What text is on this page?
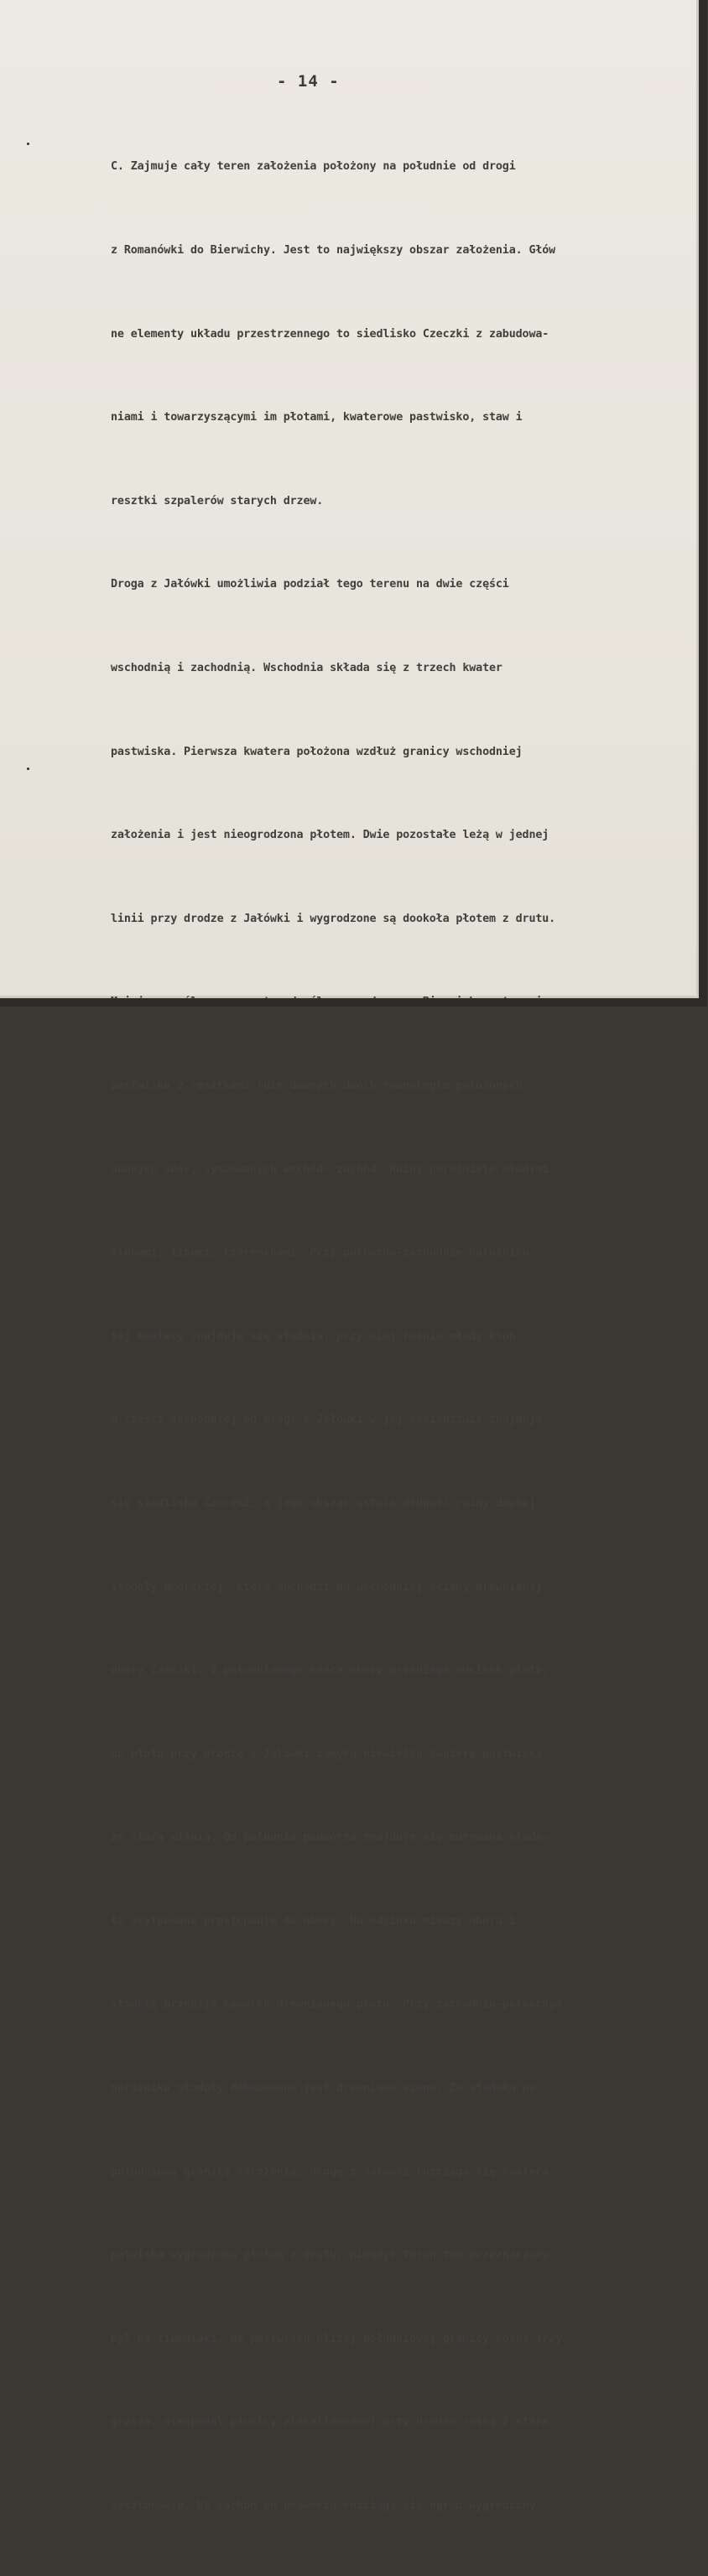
- 14 -

C. Zajmuje cały teren założenia położony na południe od drogi

z Romanówki do Bierwichy. Jest to największy obszar założenia. Głów

ne elementy układu przestrzennego to siedlisko Czeczki z zabudowa-

niami i towarzyszącymi im płotami, kwaterowe pastwisko, staw i

resztki szpalerów starych drzew.

Droga z Jałówki umożliwia podział tego terenu na dwie części

wschodnią i zachodnią. Wschodnia składa się z trzech kwater

pastwiska. Pierwsza kwatera położona wzdłuż granicy wschodniej

założenia i jest nieogrodzona płotem. Dwie pozostałe leżą w jednej

linii przy drodze z Jałówki i wygrodzone są dookoła płotem z drutu.

pastwisko z resztkami ruin dawnych dwóch równolegle położonych

dawnych obór, sytuowanych wschód- zachód. Ruiny porośnięte młodymi

klonami, lipami, czeremchami. Przy północno-zachodnim narożniku

tej kwatery znajduje się studnia, przy niej rośnie młody klon.

W części zachodniej od drogi z Jałówki w jej sąsiedztwie znajduje

się siedlisko Czeczki, a jego obszar ustala długość ruiny dawnej

stodoły dworskiej, która dochodzi do wschodniej ściany drewnianej

obory Czeczki. Z południowego końca obory przebiega odcinek płotu,

do płotu przy drodze z Jałówki zamyka niewielką kwaterę pastwiska

ze starą wiśnią. Od południa podwórza znajduje się murowana stodo-

ła usytuowana prostopadle do obory. Na odcinku między oborą i

stodołą przebija kawałek drewnianego płotu. Przy zachodnio-północnym

narożniku stodoły dobudowana jest drewniana szopa. Za stodołą po

południową granicę założenia, drogę z Jałówki rozciąga się kwatera

patwiska wygrodzona płotem z drutu, niegdyś teren ten przeznaczony

był na ziemniaki. Na pastwisku bliżej południowej granicy rosną trzy

grusze, nieopodal piwnicy zlokalizowanej przy drodze rosną 2 stare

kasztanowce. Na zachód od podwórza rozciąga się ogród wygrodzony
